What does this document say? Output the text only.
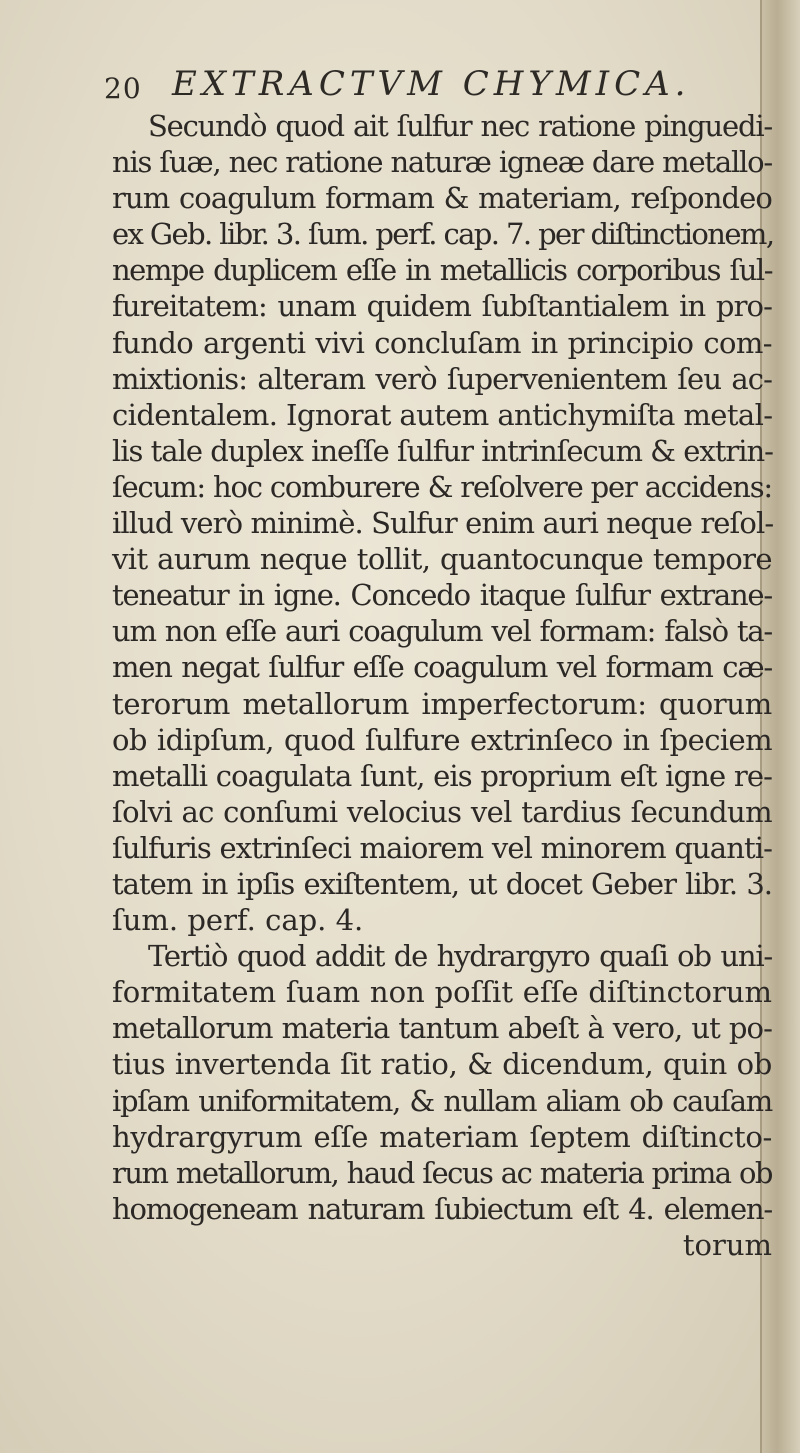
20 EXTRACTVM CHYMICA.
Secundò quod ait ſulfur nec ratione pinguedi-
nis ſuæ, nec ratione naturæ igneæ dare metallo-
rum coagulum formam & materiam, reſpondeo
ex Geb. libr. 3. ſum. perf. cap. 7. per diſtinctionem,
nempe duplicem eſſe in metallicis corporibus ſul-
fureitatem: unam quidem ſubſtantialem in pro-
fundo argenti vivi concluſam in principio com-
mixtionis: alteram verò ſupervenientem ſeu ac-
cidentalem. Ignorat autem antichymiſta metal-
lis tale duplex ineſſe ſulfur intrinſecum & extrin-
ſecum: hoc comburere & reſolvere per accidens:
illud verò minimè. Sulfur enim auri neque reſol-
vit aurum neque tollit, quantocunque tempore
teneatur in igne. Concedo itaque ſulfur extrane-
um non eſſe auri coagulum vel formam: falsò ta-
men negat ſulfur eſſe coagulum vel formam cæ-
terorum metallorum imperfectorum: quorum
ob idipſum, quod ſulfure extrinſeco in ſpeciem
metalli coagulata ſunt, eis proprium eſt igne re-
ſolvi ac conſumi velocius vel tardius ſecundum
ſulfuris extrinſeci maiorem vel minorem quanti-
tatem in ipſis exiſtentem, ut docet Geber libr. 3.
ſum. perf. cap. 4.
Tertiò quod addit de hydrargyro quaſi ob uni-
formitatem ſuam non poſſit eſſe diſtinctorum
metallorum materia tantum abeſt à vero, ut po-
tius invertenda ſit ratio, & dicendum, quin ob
ipſam uniformitatem, & nullam aliam ob cauſam
hydrargyrum eſſe materiam ſeptem diſtincto-
rum metallorum, haud ſecus ac materia prima ob
homogeneam naturam ſubiectum eſt 4. elemen-
torum
